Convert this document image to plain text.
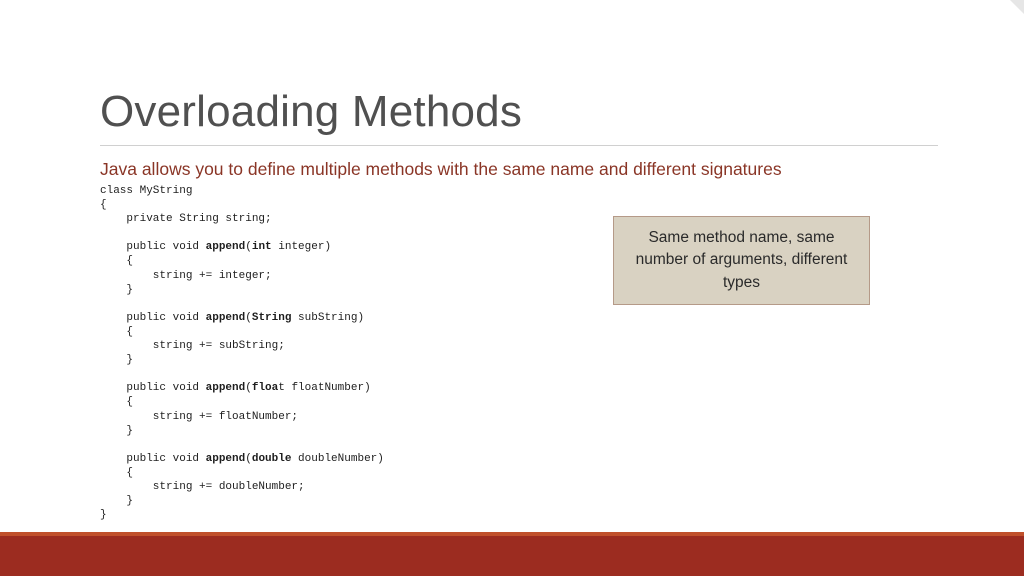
Overloading Methods
Java allows you to define multiple methods with the same name and different signatures
class MyString
{
private String string;
public void append(int integer)
{
string += integer;
}
public void append(String subString)
{
string += subString;
}
public void append(float floatNumber)
{
string += floatNumber;
}
public void append(double doubleNumber)
{
string += doubleNumber;
}
}
Same method name, same number of arguments, different types
